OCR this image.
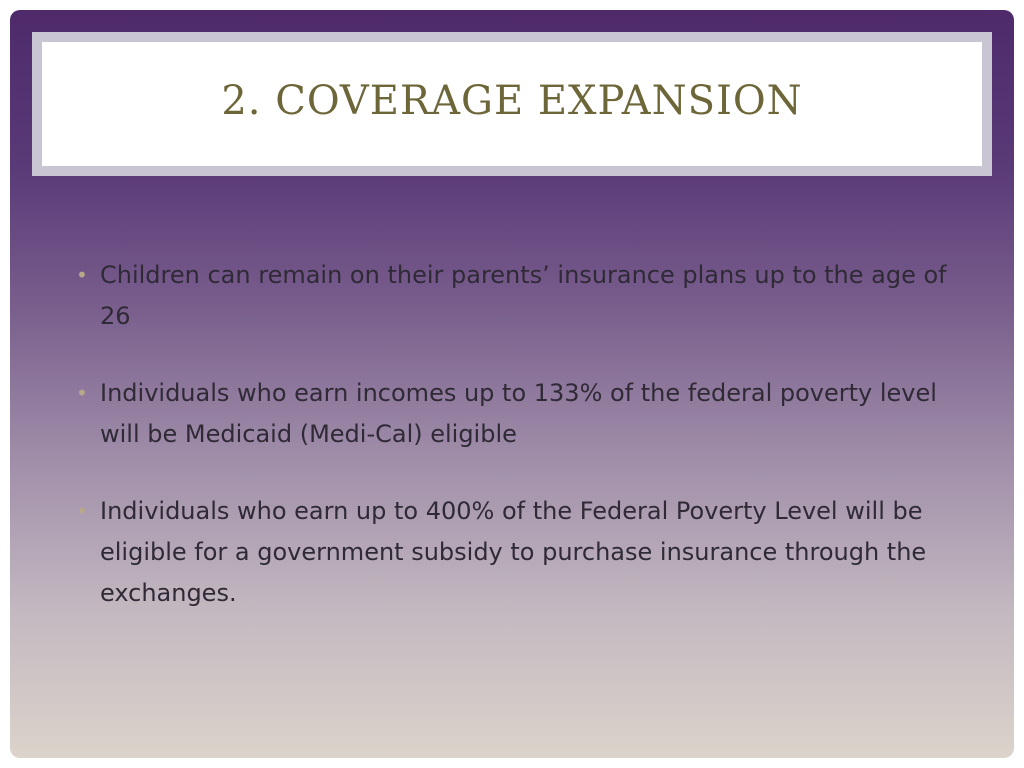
2. COVERAGE EXPANSION
• Children can remain on their parents’ insurance plans up to the age of 26
• Individuals who earn incomes up to 133% of the federal poverty level will be Medicaid (Medi-Cal) eligible
• Individuals who earn up to 400% of the Federal Poverty Level will be eligible for a government subsidy to purchase insurance through the exchanges.
